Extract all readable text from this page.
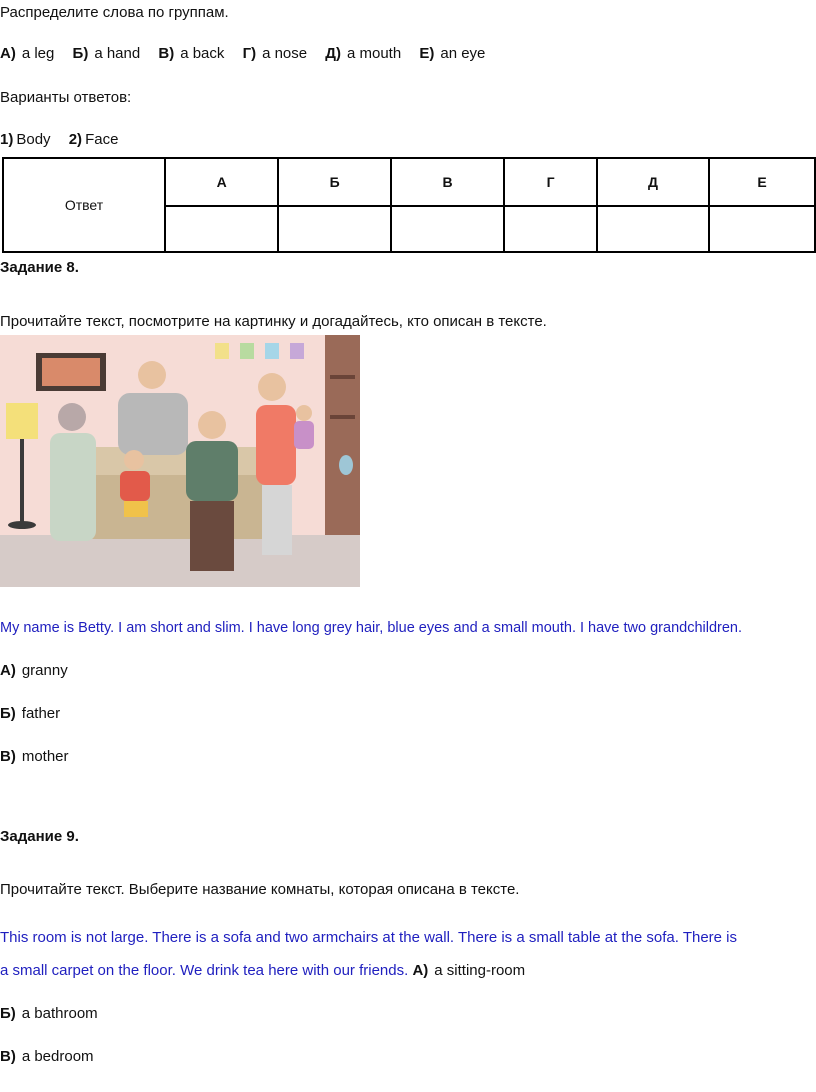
Распределите слова по группам.
А) a leg Б) a hand В) a back Г) a nose Д) a mouth Е) an eye
Варианты ответов:
1) Body 2) Face
Ответ	А	Б	В	Г	Д	Е

Задание 8.
Прочитайте текст, посмотрите на картинку и догадайтесь, кто описан в тексте.
My name is Betty. I am short and slim. I have long grey hair, blue eyes and a small mouth. I have two grandchildren.
А) granny
Б) father
В) mother
Задание 9.
Прочитайте текст. Выберите название комнаты, которая описана в тексте.
This room is not large. There is a sofa and two armchairs at the wall. There is a small table at the sofa. There is
a small carpet on the floor. We drink tea here with our friends. А) a sitting-room
Б) a bathroom
В) a bedroom
